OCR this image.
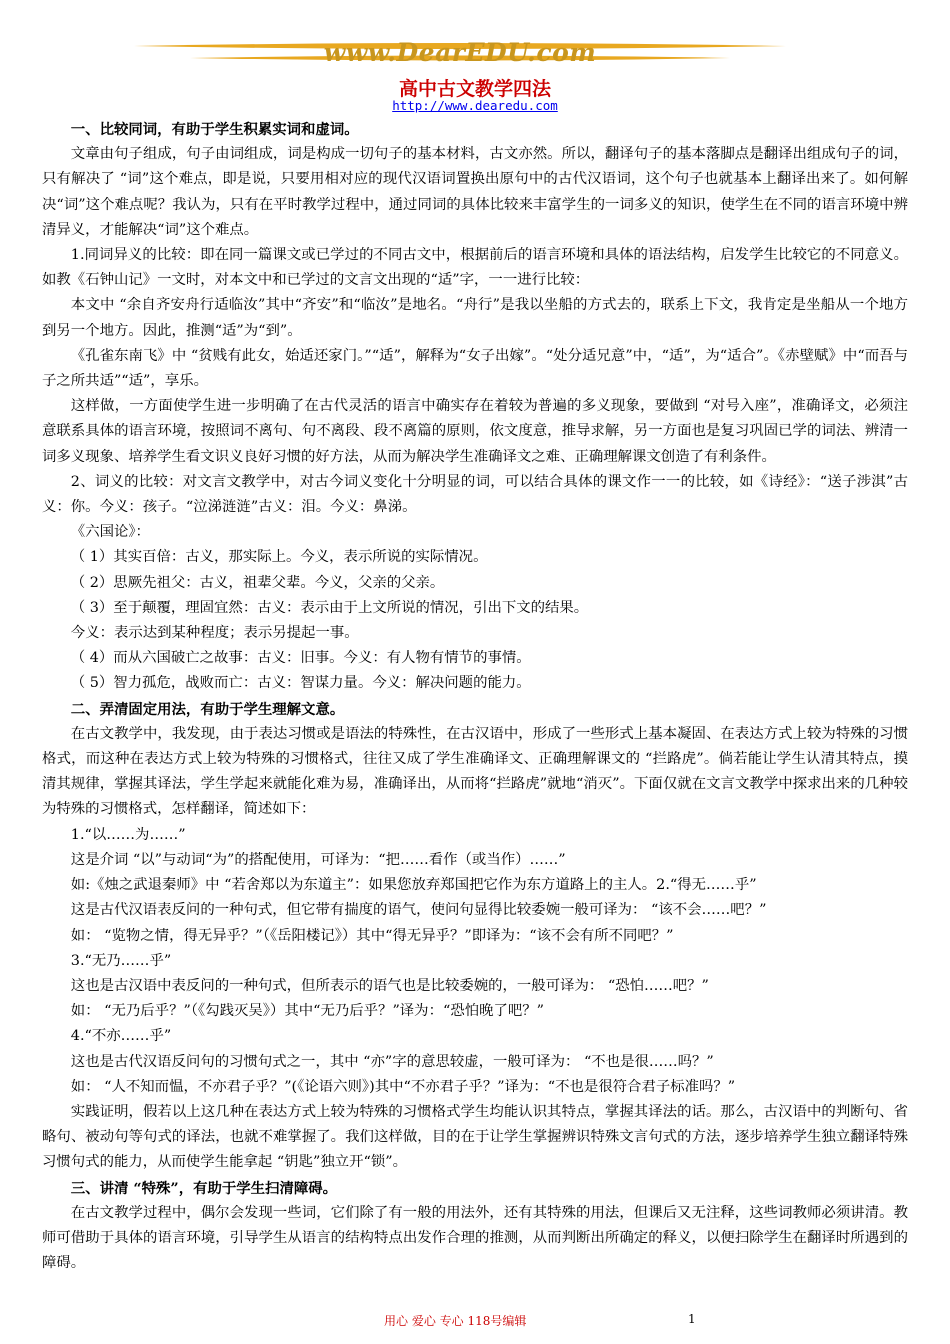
www.DearEDU.com
高中古文教学四法
http://www.dearedu.com

一、比较同词，有助于学生积累实词和虚词。

文章由句子组成，句子由词组成，词是构成一切句子的基本材料，古文亦然。所以，翻译句子的基本落脚点是翻译出组成句子的词，只有解决了 “词”这个难点，即是说，只要用相对应的现代汉语词置换出原句中的古代汉语词，这个句子也就基本上翻译出来了。如何解决“词”这个难点呢？我认为，只有在平时教学过程中，通过同词的具体比较来丰富学生的一词多义的知识，使学生在不同的语言环境中辨清异义，才能解决“词”这个难点。

1.同词异义的比较：即在同一篇课文或已学过的不同古文中，根据前后的语言环境和具体的语法结构，启发学生比较它的不同意义。如教《石钟山记》一文时，对本文中和已学过的文言文出现的“适”字，一一进行比较：

本文中 “余自齐安舟行适临汝”其中“齐安”和“临汝”是地名。“舟行”是我以坐船的方式去的，联系上下文，我肯定是坐船从一个地方到另一个地方。因此，推测“适”为“到”。

《孔雀东南飞》中 “贫贱有此女，始适还家门。”“适”，解释为“女子出嫁”。“处分适兄意”中，“适”，为“适合”。《赤壁赋》中“而吾与子之所共适”“适”，享乐。

这样做，一方面使学生进一步明确了在古代灵活的语言中确实存在着较为普遍的多义现象，要做到 “对号入座”，准确译文，必须注意联系具体的语言环境，按照词不离句、句不离段、段不离篇的原则，依文度意，推导求解，另一方面也是复习巩固已学的词法、辨清一词多义现象、培养学生看文识义良好习惯的好方法，从而为解决学生准确译文之难、正确理解课文创造了有利条件。

2、词义的比较：对文言文教学中，对古今词义变化十分明显的词，可以结合具体的课文作一一的比较，如《诗经》：“送子涉淇”古义：你。今义：孩子。“泣涕涟涟”古义：泪。今义：鼻涕。

《六国论》：

（ 1）其实百倍：古义，那实际上。今义，表示所说的实际情况。

（ 2）思厥先祖父：古义，祖辈父辈。今义，父亲的父亲。

（ 3）至于颠覆，理固宜然：古义：表示由于上文所说的情况，引出下文的结果。

今义：表示达到某种程度；表示另提起一事。

（ 4）而从六国破亡之故事：古义：旧事。今义：有人物有情节的事情。

（ 5）智力孤危，战败而亡：古义：智谋力量。今义：解决问题的能力。

二、弄清固定用法，有助于学生理解文意。

在古文教学中，我发现，由于表达习惯或是语法的特殊性，在古汉语中，形成了一些形式上基本凝固、在表达方式上较为特殊的习惯格式，而这种在表达方式上较为特殊的习惯格式，往往又成了学生准确译文、正确理解课文的 “拦路虎”。倘若能让学生认清其特点，摸清其规律，掌握其译法，学生学起来就能化难为易，准确译出，从而将“拦路虎”就地“消灭”。下面仅就在文言文教学中探求出来的几种较为特殊的习惯格式，怎样翻译，简述如下：

1.“以……为……”

这是介词 “以”与动词“为”的搭配使用，可译为：“把……看作（或当作）……”

如:《烛之武退秦师》中 “若舍郑以为东道主”：如果您放弃郑国把它作为东方道路上的主人。2.“得无……乎”

这是古代汉语表反问的一种句式，但它带有揣度的语气，使问句显得比较委婉一般可译为： “该不会……吧？”

如： “览物之情，得无异乎？”（《岳阳楼记》）其中“得无异乎？”即译为：“该不会有所不同吧？”

3.“无乃……乎”

这也是古汉语中表反问的一种句式，但所表示的语气也是比较委婉的，一般可译为： “恐怕……吧？”

如： “无乃后乎？”（《勾践灭吴》）其中“无乃后乎？”译为：“恐怕晚了吧？”

4.“不亦……乎”

这也是古代汉语反问句的习惯句式之一，其中 “亦”字的意思较虚，一般可译为： “不也是很……吗？”

如： “人不知而愠，不亦君子乎？”(《论语六则》)其中“不亦君子乎？”译为：“不也是很符合君子标准吗？”

实践证明，假若以上这几种在表达方式上较为特殊的习惯格式学生均能认识其特点，掌握其译法的话。那么，古汉语中的判断句、省略句、被动句等句式的译法，也就不难掌握了。我们这样做，目的在于让学生掌握辨识特殊文言句式的方法，逐步培养学生独立翻译特殊习惯句式的能力，从而使学生能拿起 “钥匙”独立开“锁”。

三、讲清 “特殊”，有助于学生扫清障碍。

在古文教学过程中，偶尔会发现一些词，它们除了有一般的用法外，还有其特殊的用法，但课后又无注释，这些词教师必须讲清。教师可借助于具体的语言环境，引导学生从语言的结构特点出发作合理的推测，从而判断出所确定的释义，以便扫除学生在翻译时所遇到的障碍。

用心 爱心 专心 118号编辑	1
